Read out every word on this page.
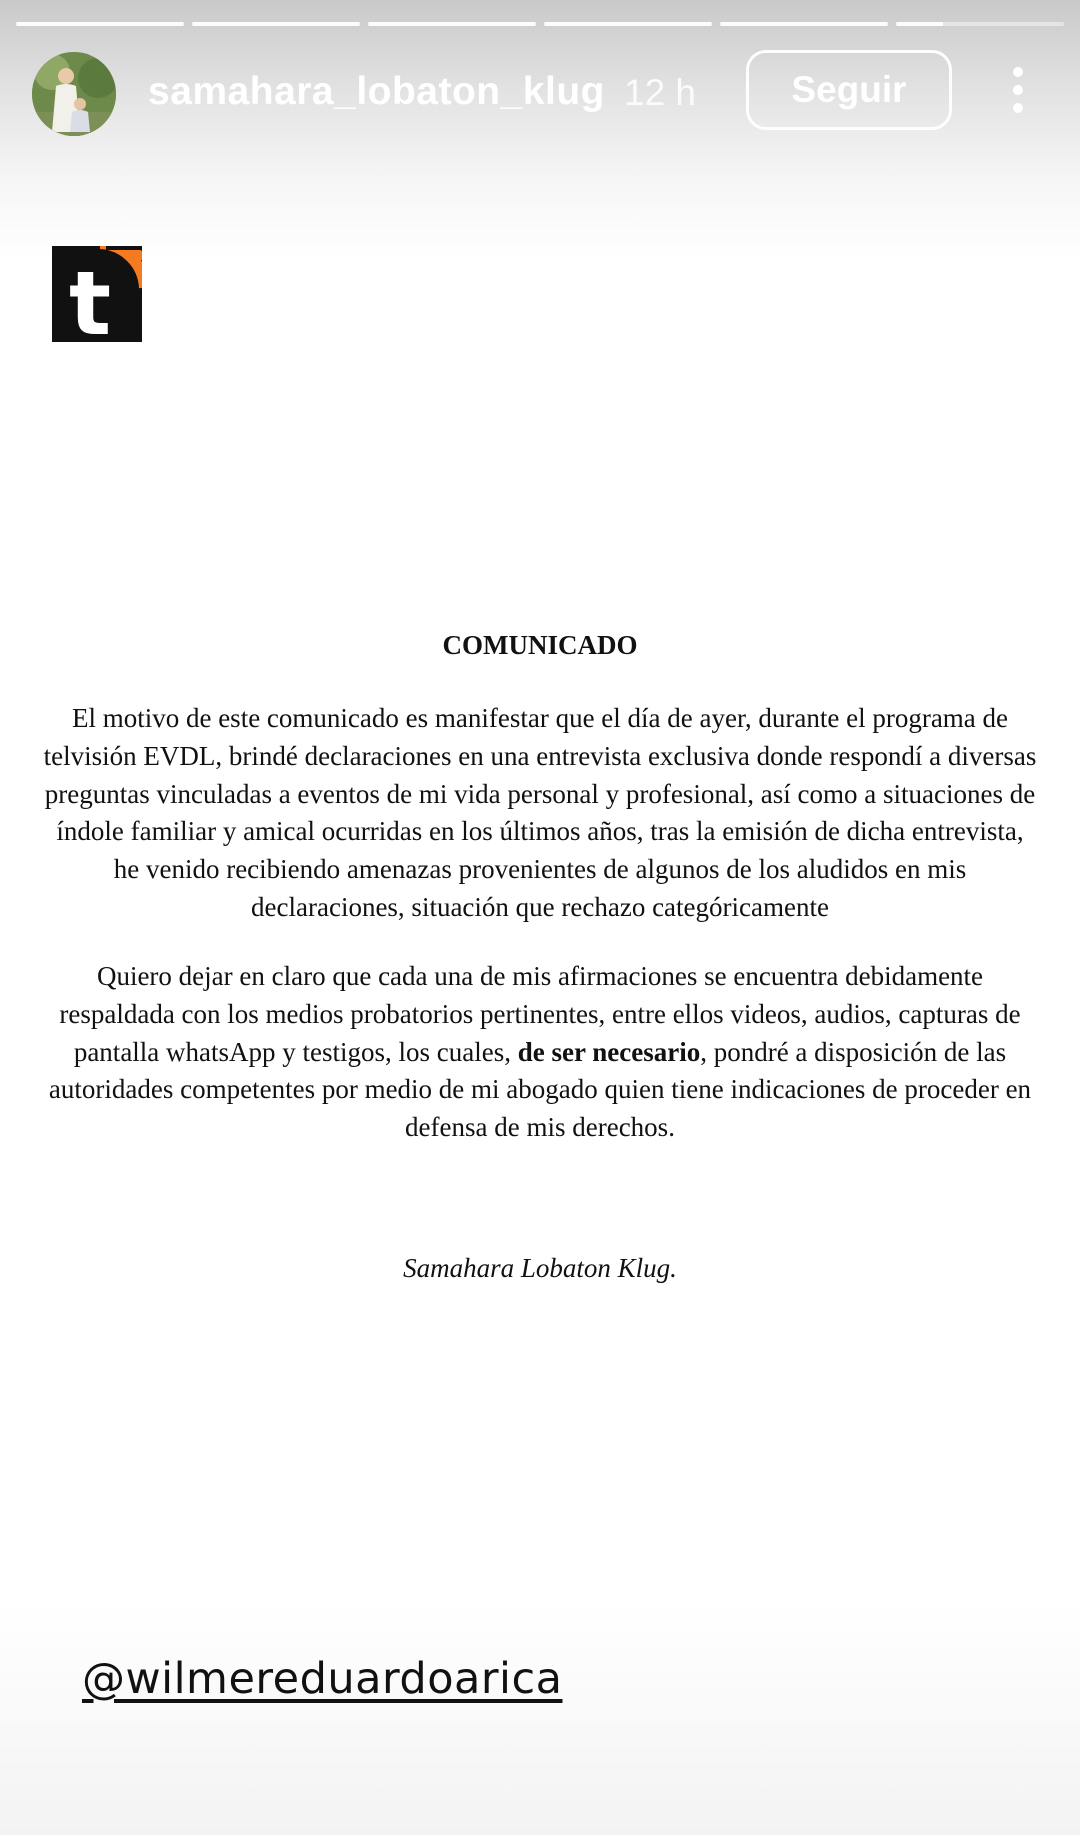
samahara_lobaton_klug 12 h	Seguir
t
COMUNICADO
El motivo de este comunicado es manifestar que el día de ayer, durante el programa de
telvisión EVDL, brindé declaraciones en una entrevista exclusiva donde respondí a diversas
preguntas vinculadas a eventos de mi vida personal y profesional, así como a situaciones de
índole familiar y amical ocurridas en los últimos años, tras la emisión de dicha entrevista,
he venido recibiendo amenazas provenientes de algunos de los aludidos en mis
declaraciones, situación que rechazo categóricamente
Quiero dejar en claro que cada una de mis afirmaciones se encuentra debidamente
respaldada con los medios probatorios pertinentes, entre ellos videos, audios, capturas de
pantalla whatsApp y testigos, los cuales, de ser necesario, pondré a disposición de las
autoridades competentes por medio de mi abogado quien tiene indicaciones de proceder en
defensa de mis derechos.
Samahara Lobaton Klug.
@wilmereduardoarica
